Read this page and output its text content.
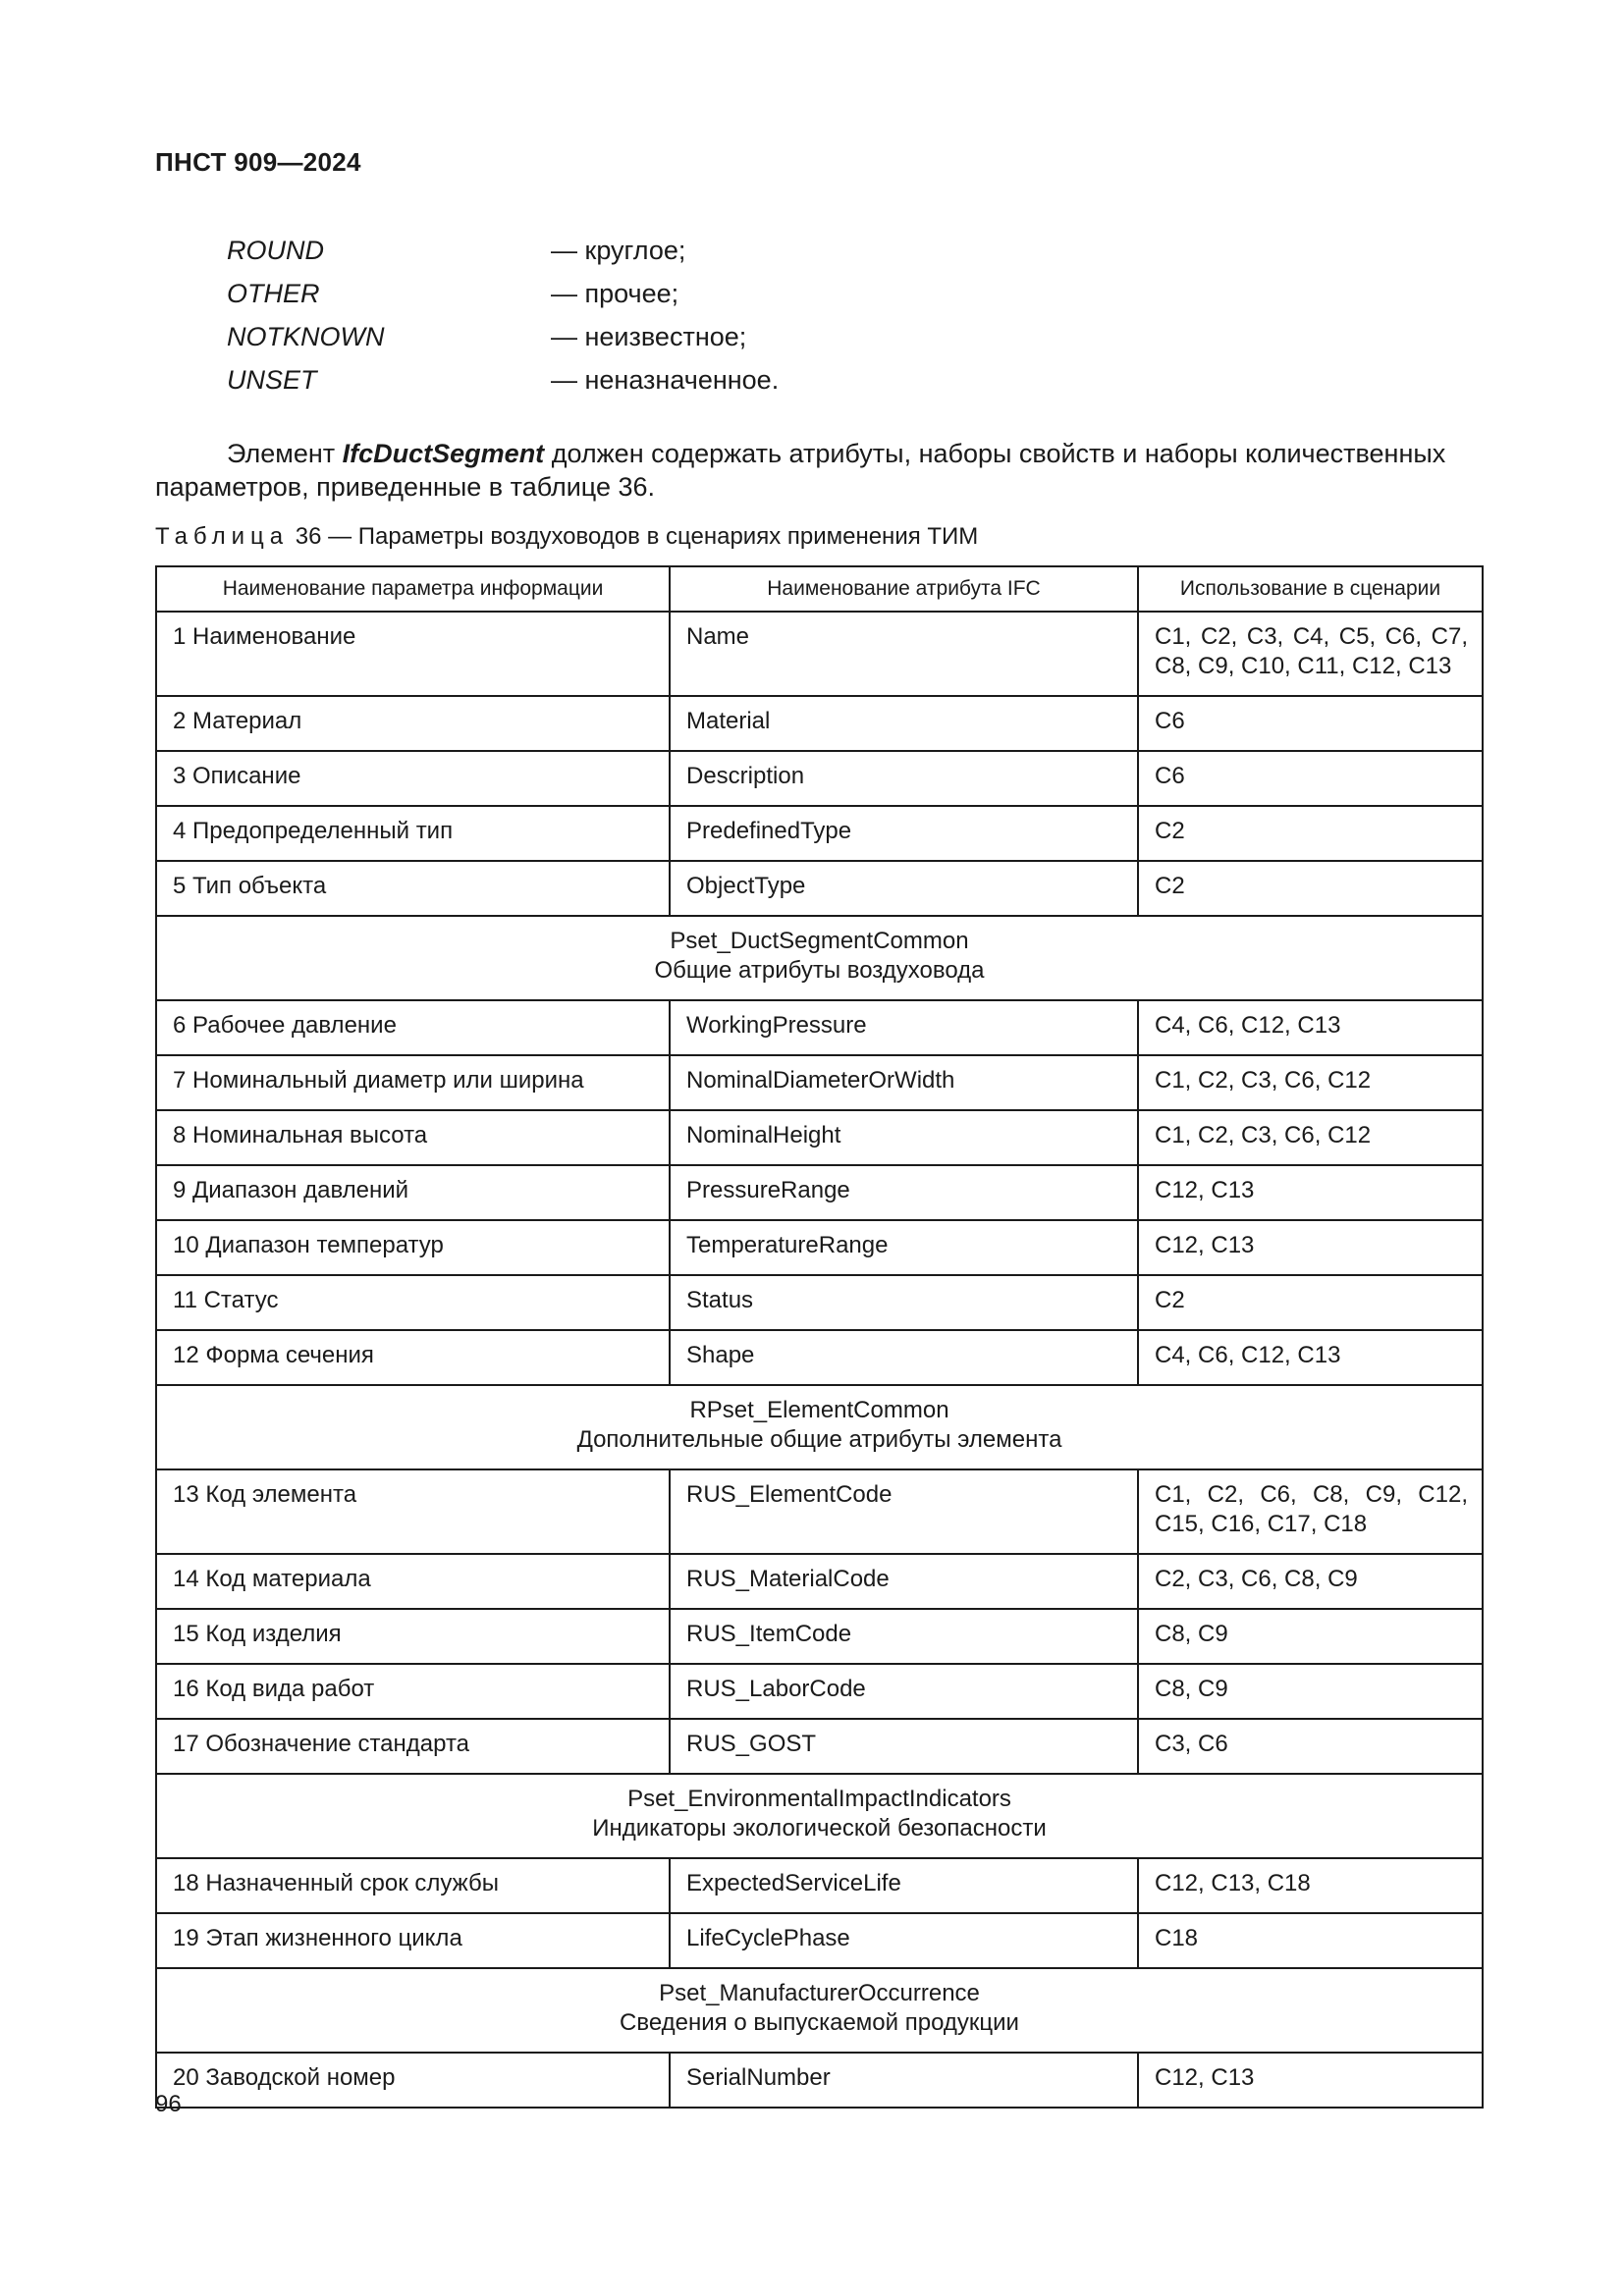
ПНСТ 909—2024
ROUND	— круглое;
OTHER	— прочее;
NOTKNOWN	— неизвестное;
UNSET	— неназначенное.
Элемент IfcDuctSegment должен содержать атрибуты, наборы свойств и наборы количественных параметров, приведенные в таблице 36.
Таблица 36 — Параметры воздуховодов в сценариях применения ТИМ
Наименование параметра информации	Наименование атрибута IFC	Использование в сценарии
1 Наименование	Name	C1, C2, C3, C4, C5, C6, C7, C8, C9, C10, C11, C12, C13
2 Материал	Material	C6
3 Описание	Description	C6
4 Предопределенный тип	PredefinedType	C2
5 Тип объекта	ObjectType	C2

Pset_DuctSegmentCommon
Общие атрибуты воздуховода		

6 Рабочее давление	WorkingPressure	C4, C6, C12, C13
7 Номинальный диаметр или ширина	NominalDiameterOrWidth	C1, C2, C3, C6, C12
8 Номинальная высота	NominalHeight	C1, C2, C3, C6, C12
9 Диапазон давлений	PressureRange	C12, C13
10 Диапазон температур	TemperatureRange	C12, C13
11 Статус	Status	C2
12 Форма сечения	Shape	C4, C6, C12, C13

RPset_ElementCommon
Дополнительные общие атрибуты элемента		

13 Код элемента	RUS_ElementCode	C1, C2, C6, C8, C9, C12, C15, C16, C17, C18
14 Код материала	RUS_MaterialCode	C2, C3, C6, C8, C9
15 Код изделия	RUS_ItemCode	C8, C9
16 Код вида работ	RUS_LaborCode	C8, C9
17 Обозначение стандарта	RUS_GOST	C3, C6

Pset_EnvironmentalImpactIndicators
Индикаторы экологической безопасности		

18 Назначенный срок службы	ExpectedServiceLife	C12, C13, C18
19 Этап жизненного цикла	LifeCyclePhase	C18

Pset_ManufacturerOccurrence
Сведения о выпускаемой продукции		

20 Заводской номер	SerialNumber	C12, C13
96
